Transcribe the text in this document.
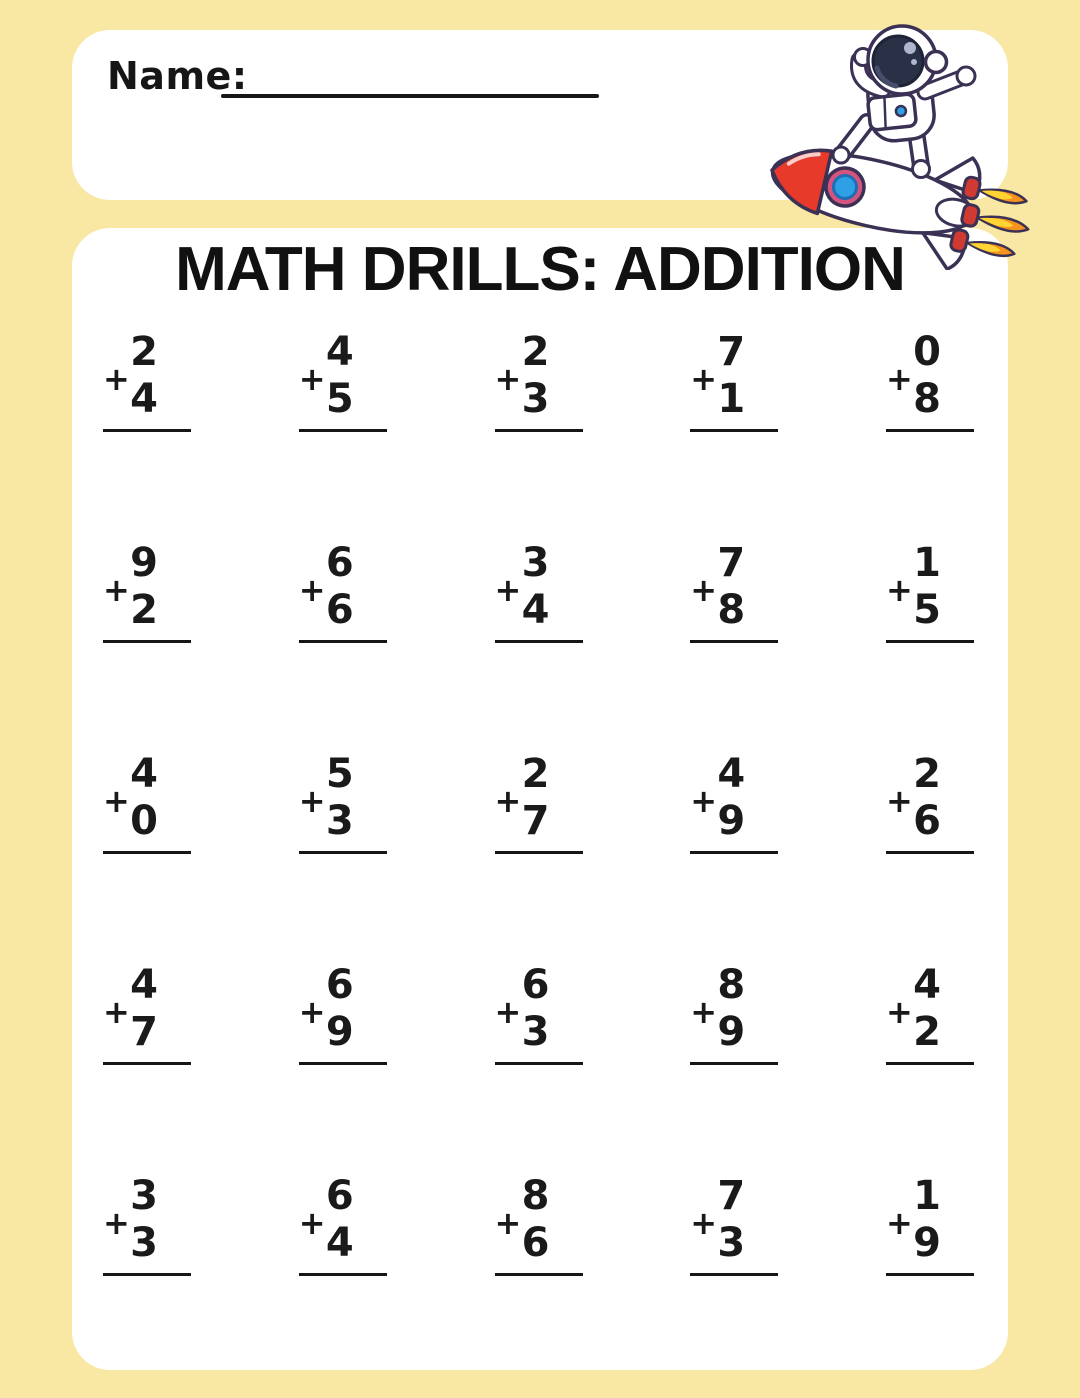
Name:
MATH DRILLS: ADDITION
2
+ 4
4
+ 5
2
+ 3
7
+ 1
0
+ 8
9
+ 2
6
+ 6
3
+ 4
7
+ 8
1
+ 5
4
+ 0
5
+ 3
2
+ 7
4
+ 9
2
+ 6
4
+ 7
6
+ 9
6
+ 3
8
+ 9
4
+ 2
3
+ 3
6
+ 4
8
+ 6
7
+ 3
1
+ 9
